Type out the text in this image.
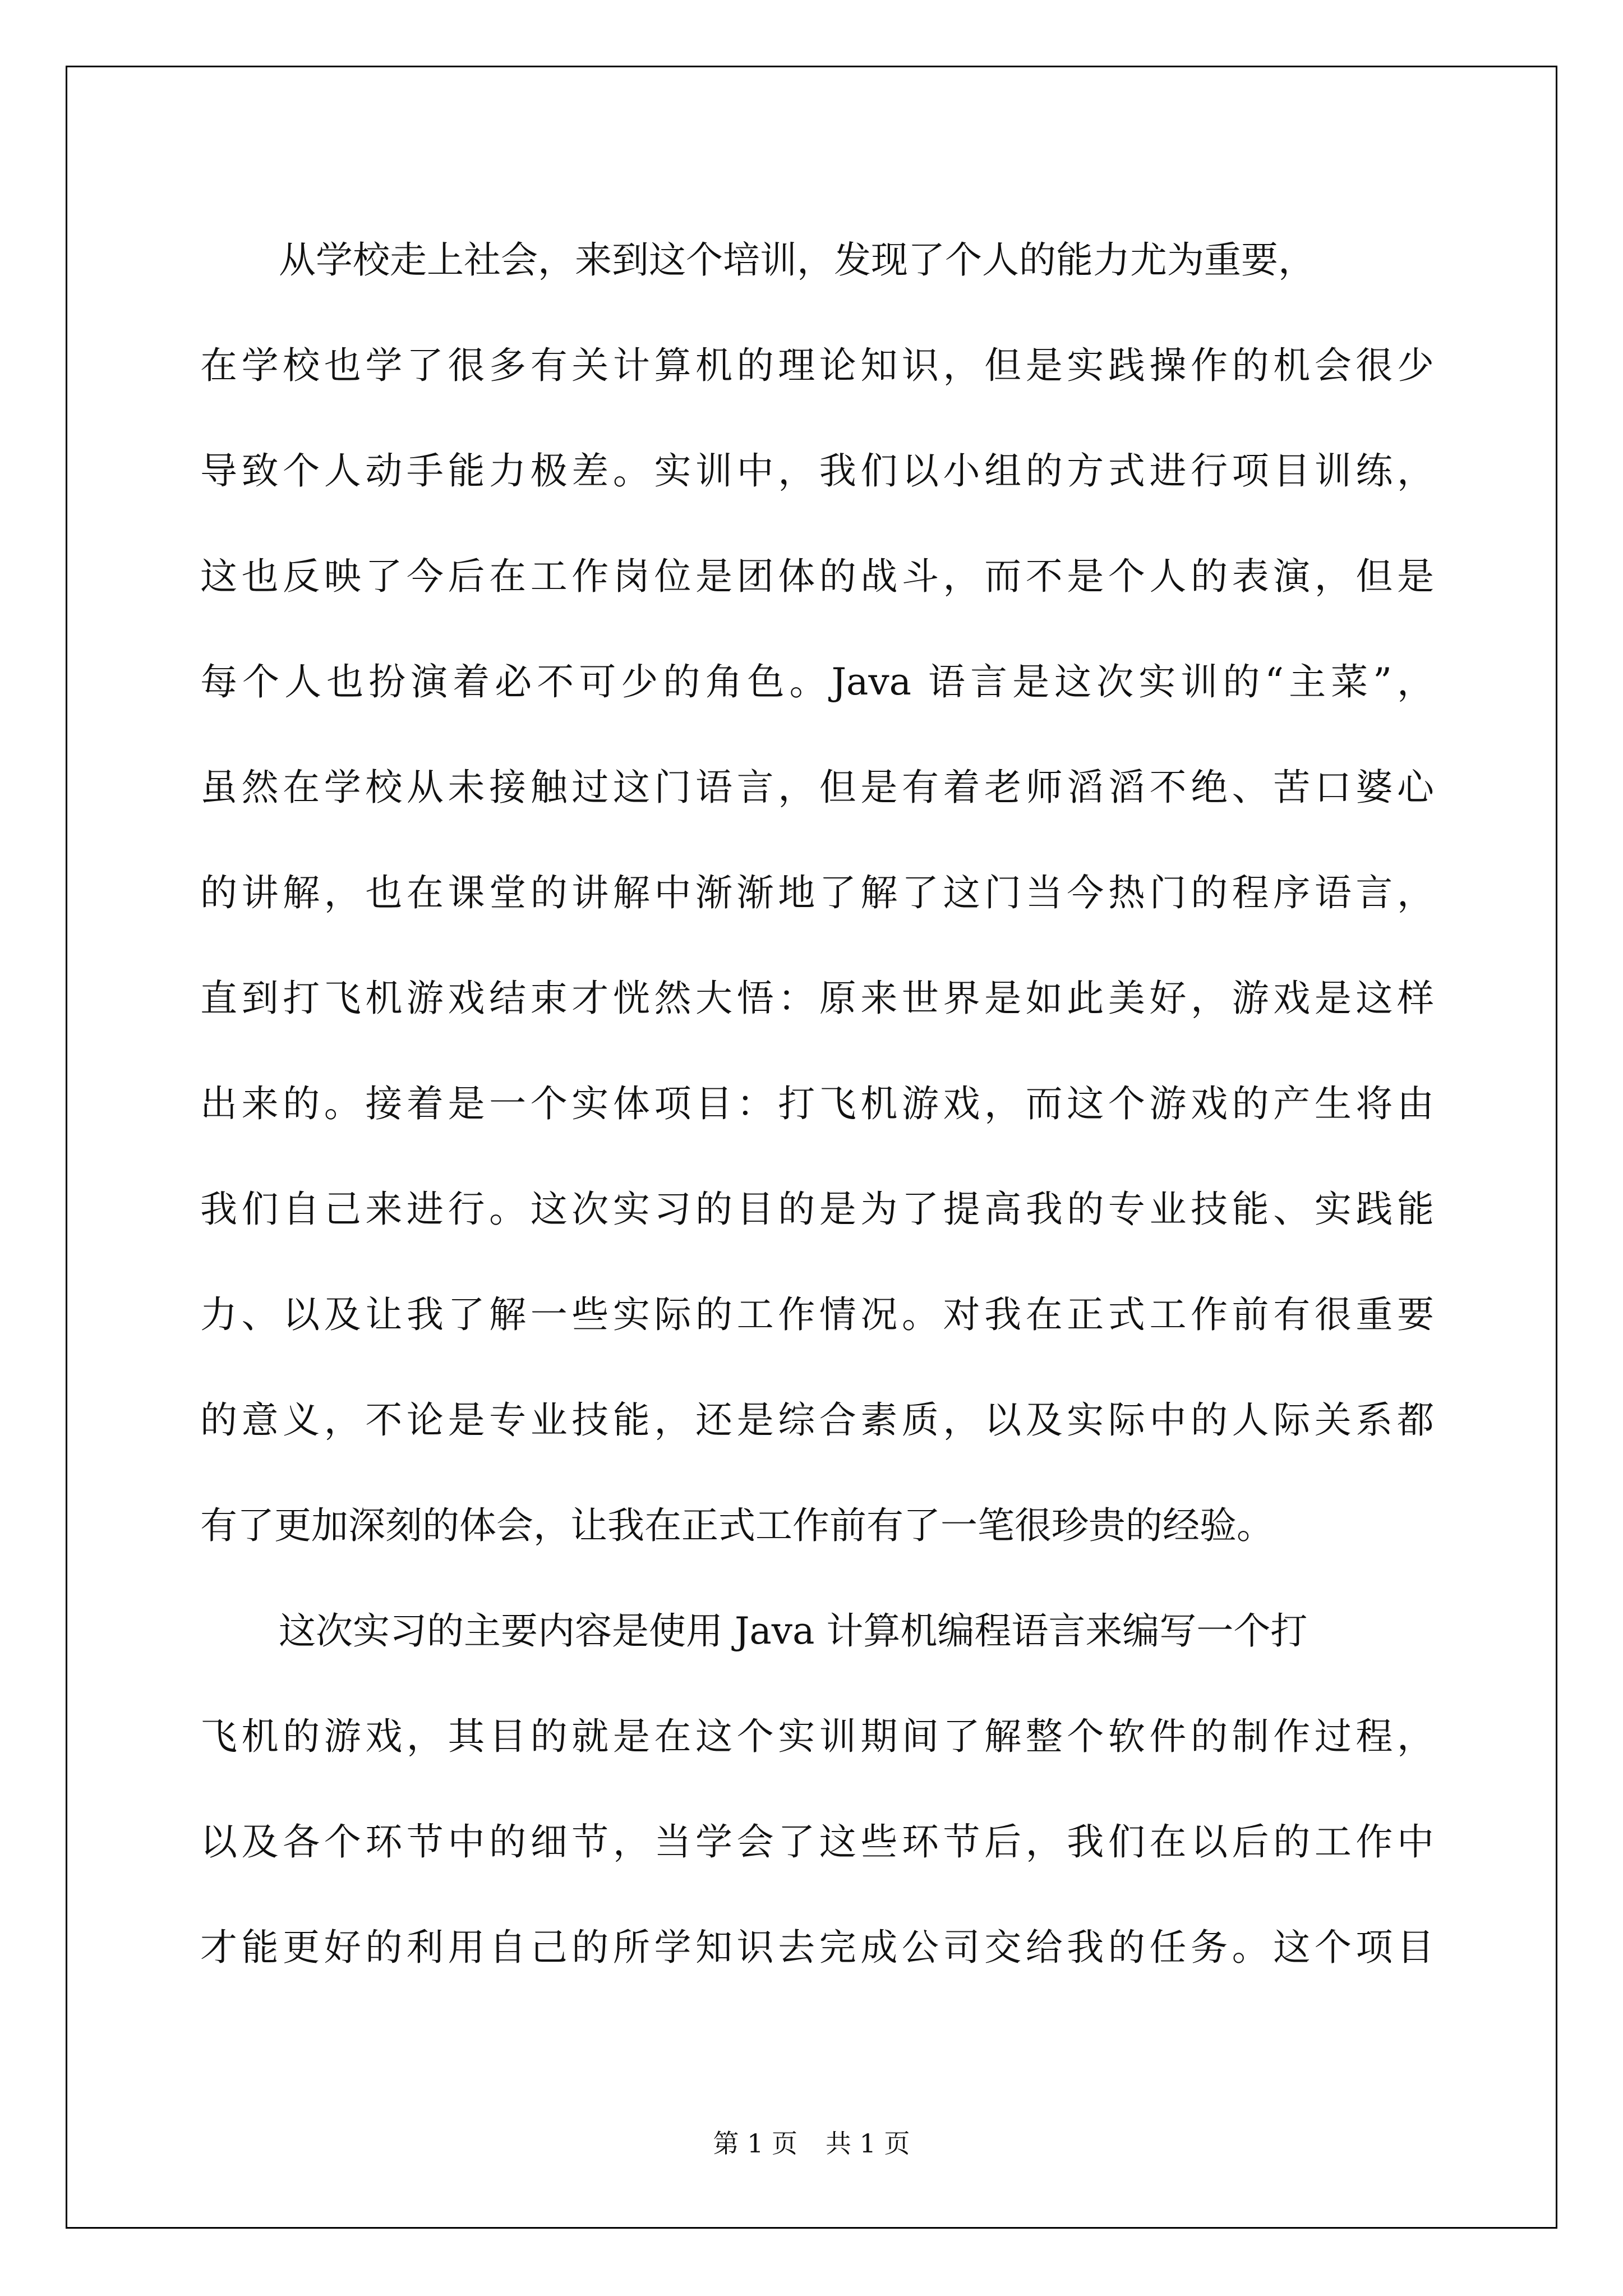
从学校走上社会，来到这个培训，发现了个人的能力尤为重要，
在学校也学了很多有关计算机的理论知识，但是实践操作的机会很少
导致个人动手能力极差。实训中，我们以小组的方式进行项目训练，
这也反映了今后在工作岗位是团体的战斗，而不是个人的表演，但是
每个人也扮演着必不可少的角色。Java 语言是这次实训的“主菜”，
虽然在学校从未接触过这门语言，但是有着老师滔滔不绝、苦口婆心
的讲解，也在课堂的讲解中渐渐地了解了这门当今热门的程序语言，
直到打飞机游戏结束才恍然大悟：原来世界是如此美好，游戏是这样
出来的。接着是一个实体项目：打飞机游戏，而这个游戏的产生将由
我们自己来进行。这次实习的目的是为了提高我的专业技能、实践能
力、以及让我了解一些实际的工作情况。对我在正式工作前有很重要
的意义，不论是专业技能，还是综合素质，以及实际中的人际关系都
有了更加深刻的体会，让我在正式工作前有了一笔很珍贵的经验。
这次实习的主要内容是使用 Java 计算机编程语言来编写一个打
飞机的游戏，其目的就是在这个实训期间了解整个软件的制作过程，
以及各个环节中的细节，当学会了这些环节后，我们在以后的工作中
才能更好的利用自己的所学知识去完成公司交给我的任务。这个项目
第 1 页 共 1 页
